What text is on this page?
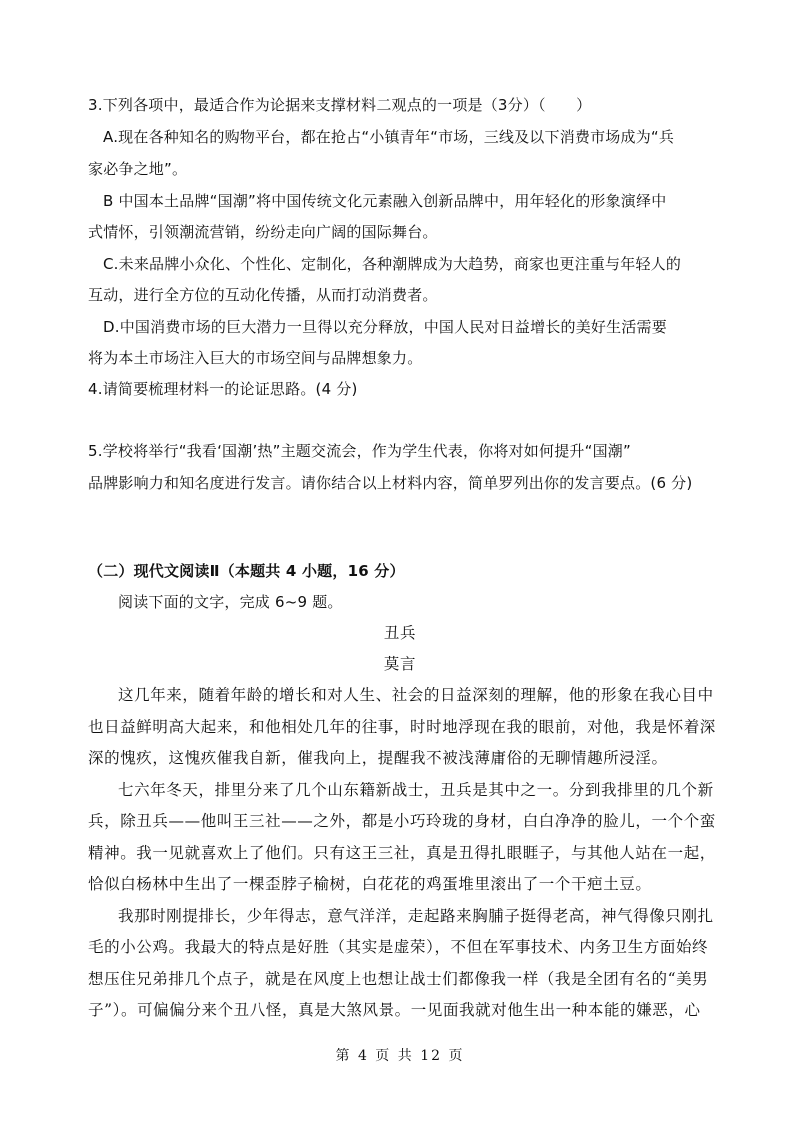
3.下列各项中，最适合作为论据来支撑材料二观点的一项是（3分）（　　）
A.现在各种知名的购物平台，都在抢占“小镇青年“市场，三线及以下消费市场成为“兵
家必争之地”。
B 中国本土品牌“国潮”将中国传统文化元素融入创新品牌中，用年轻化的形象演绎中
式情怀，引领潮流营销，纷纷走向广阔的国际舞台。
C.未来品牌小众化、个性化、定制化，各种潮牌成为大趋势，商家也更注重与年轻人的
互动，进行全方位的互动化传播，从而打动消费者。
D.中国消费市场的巨大潜力一旦得以充分释放，中国人民对日益增长的美好生活需要
将为本土市场注入巨大的市场空间与品牌想象力。
4.请简要梳理材料一的论证思路。(4 分)
5.学校将举行“我看‘国潮’热”主题交流会，作为学生代表，你将对如何提升“国潮”
品牌影响力和知名度进行发言。请你结合以上材料内容，简单罗列出你的发言要点。(6 分)
（二）现代文阅读Ⅱ（本题共 4 小题，16 分）
阅读下面的文字，完成 6~9 题。
丑兵
莫言
这几年来，随着年龄的增长和对人生、社会的日益深刻的理解，他的形象在我心目中
也日益鲜明高大起来，和他相处几年的往事，时时地浮现在我的眼前，对他，我是怀着深
深的愧疚，这愧疚催我自新，催我向上，提醒我不被浅薄庸俗的无聊情趣所浸淫。
七六年冬天，排里分来了几个山东籍新战士，丑兵是其中之一。分到我排里的几个新
兵，除丑兵——他叫王三社——之外，都是小巧玲珑的身材，白白净净的脸儿，一个个蛮
精神。我一见就喜欢上了他们。只有这王三社，真是丑得扎眼睚子，与其他人站在一起，
恰似白杨林中生出了一棵歪脖子榆树，白花花的鸡蛋堆里滚出了一个干疤土豆。
我那时刚提排长，少年得志，意气洋洋，走起路来胸脯子挺得老高，神气得像只刚扎
毛的小公鸡。我最大的特点是好胜（其实是虚荣），不但在军事技术、内务卫生方面始终
想压住兄弟排几个点子，就是在风度上也想让战士们都像我一样（我是全团有名的“美男
子”）。可偏偏分来个丑八怪，真是大煞风景。一见面我就对他生出一种本能的嫌恶，心
第 4 页 共 12 页
